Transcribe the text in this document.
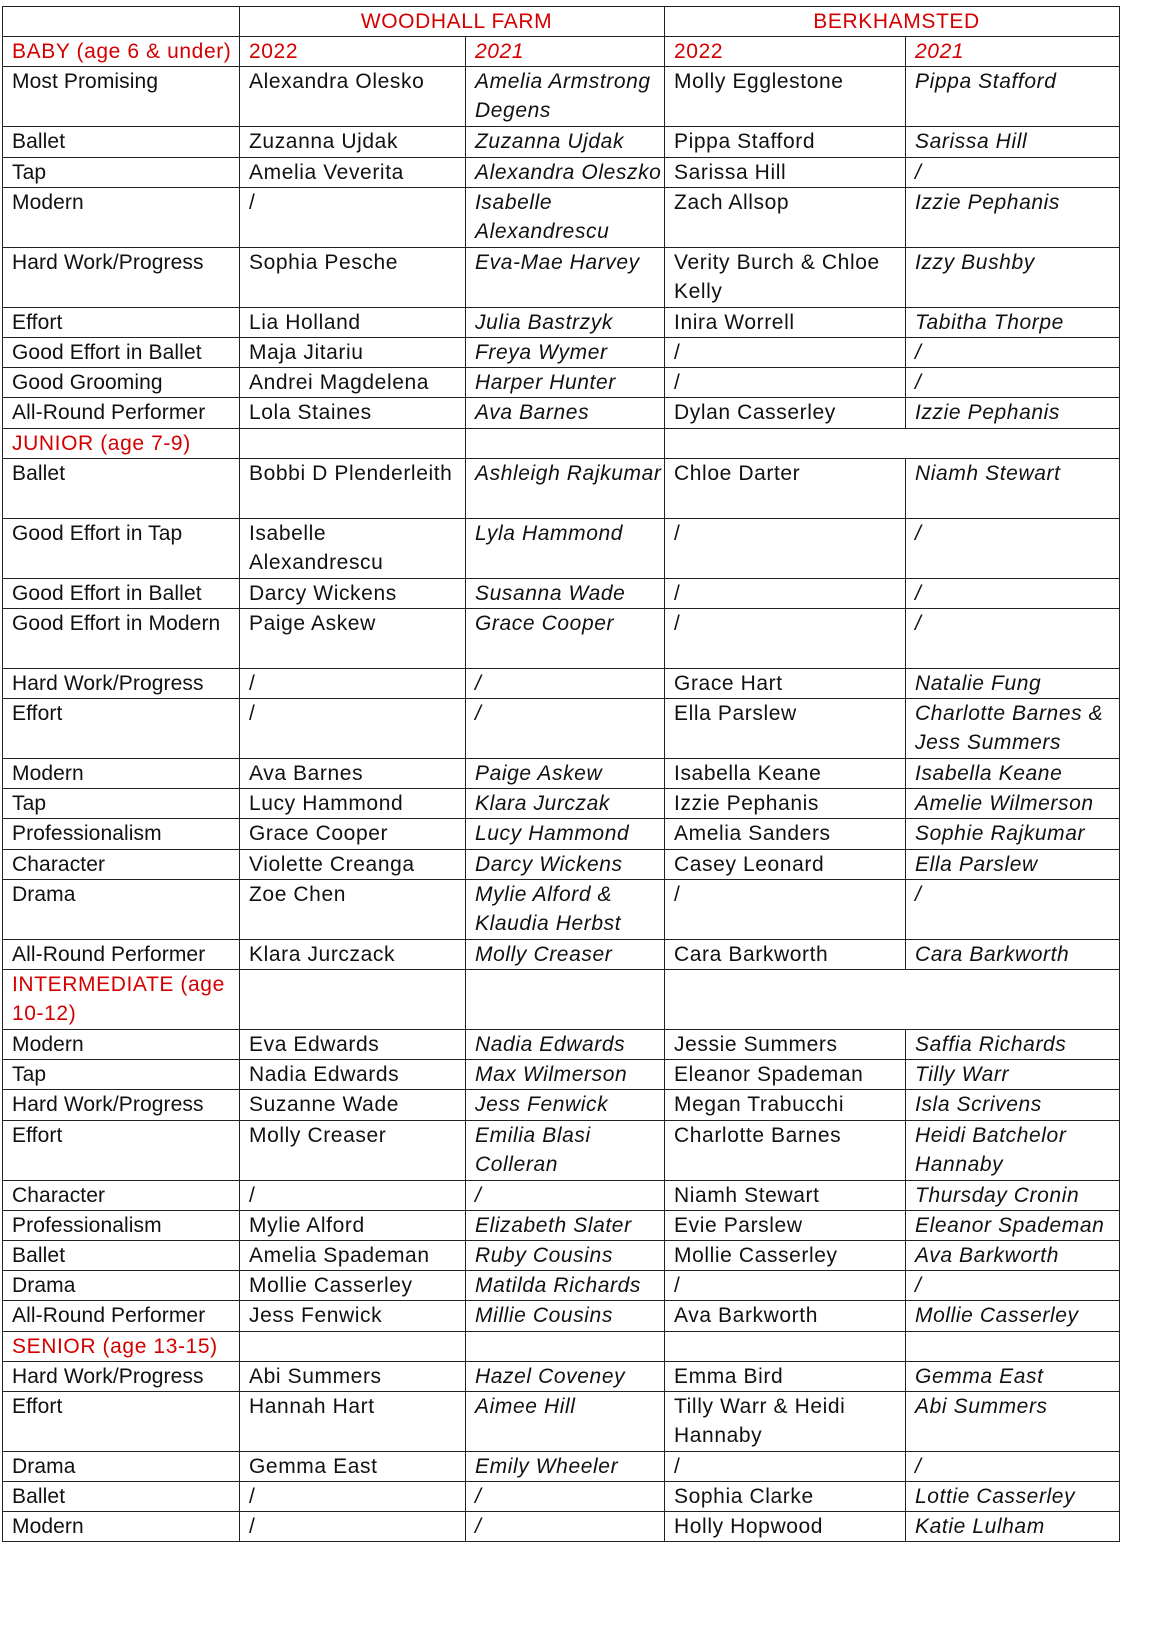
	WOODHALL FARM		BERKHAMSTED	
BABY (age 6 & under)	2022	2021	2022	2021
Most Promising	Alexandra Olesko	Amelia Armstrong Degens	Molly Egglestone	Pippa Stafford
Ballet	Zuzanna Ujdak	Zuzanna Ujdak	Pippa Stafford	Sarissa Hill
Tap	Amelia Veverita	Alexandra Oleszko	Sarissa Hill	/
Modern	/	Isabelle Alexandrescu	Zach Allsop	Izzie Pephanis
Hard Work/Progress	Sophia Pesche	Eva-Mae Harvey	Verity Burch & Chloe Kelly	Izzy Bushby
Effort	Lia Holland	Julia Bastrzyk	Inira Worrell	Tabitha Thorpe
Good Effort in Ballet	Maja Jitariu	Freya Wymer	/	/
Good Grooming	Andrei Magdelena	Harper Hunter	/	/
All-Round Performer	Lola Staines	Ava Barnes	Dylan Casserley	Izzie Pephanis
JUNIOR (age 7-9)				
Ballet	Bobbi D Plenderleith	Ashleigh Rajkumar	Chloe Darter	Niamh Stewart
Good Effort in Tap	Isabelle Alexandrescu	Lyla Hammond	/	/
Good Effort in Ballet	Darcy Wickens	Susanna Wade	/	/
Good Effort in Modern	Paige Askew	Grace Cooper	/	/
Hard Work/Progress	/	/	Grace Hart	Natalie Fung
Effort	/	/	Ella Parslew	Charlotte Barnes & Jess Summers
Modern	Ava Barnes	Paige Askew	Isabella Keane	Isabella Keane
Tap	Lucy Hammond	Klara Jurczak	Izzie Pephanis	Amelie Wilmerson
Professionalism	Grace Cooper	Lucy Hammond	Amelia Sanders	Sophie Rajkumar
Character	Violette Creanga	Darcy Wickens	Casey Leonard	Ella Parslew
Drama	Zoe Chen	Mylie Alford & Klaudia Herbst	/	/
All-Round Performer	Klara Jurczack	Molly Creaser	Cara Barkworth	Cara Barkworth
INTERMEDIATE (age 10-12)				
Modern	Eva Edwards	Nadia Edwards	Jessie Summers	Saffia Richards
Tap	Nadia Edwards	Max Wilmerson	Eleanor Spademan	Tilly Warr
Hard Work/Progress	Suzanne Wade	Jess Fenwick	Megan Trabucchi	Isla Scrivens
Effort	Molly Creaser	Emilia Blasi Colleran	Charlotte Barnes	Heidi Batchelor Hannaby
Character	/	/	Niamh Stewart	Thursday Cronin
Professionalism	Mylie Alford	Elizabeth Slater	Evie Parslew	Eleanor Spademan
Ballet	Amelia Spademan	Ruby Cousins	Mollie Casserley	Ava Barkworth
Drama	Mollie Casserley	Matilda Richards	/	/
All-Round Performer	Jess Fenwick	Millie Cousins	Ava Barkworth	Mollie Casserley
SENIOR (age 13-15)				
Hard Work/Progress	Abi Summers	Hazel Coveney	Emma Bird	Gemma East
Effort	Hannah Hart	Aimee Hill	Tilly Warr & Heidi Hannaby	Abi Summers
Drama	Gemma East	Emily Wheeler	/	/
Ballet	/	/	Sophia Clarke	Lottie Casserley
Modern	/	/	Holly Hopwood	Katie Lulham
